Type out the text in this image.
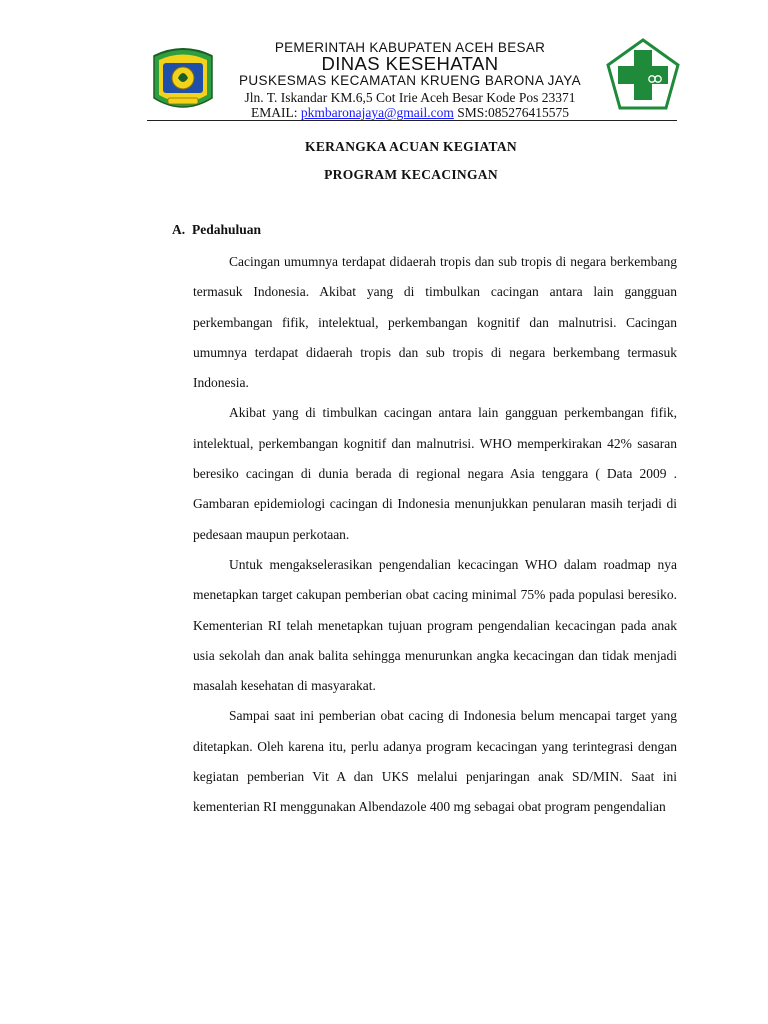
PEMERINTAH KABUPATEN ACEH BESAR
DINAS KESEHATAN
PUSKESMAS KECAMATAN KRUENG BARONA JAYA
Jln. T. Iskandar KM.6,5 Cot Irie Aceh Besar Kode Pos 23371
EMAIL: pkmbaronajaya@gmail.com SMS:085276415575
KERANGKA ACUAN KEGIATAN
PROGRAM KECACINGAN
A. Pedahuluan

Cacingan umumnya terdapat didaerah tropis dan sub tropis di negara berkembang termasuk Indonesia. Akibat yang di timbulkan cacingan antara lain gangguan perkembangan fifik, intelektual, perkembangan kognitif dan malnutrisi. Cacingan umumnya terdapat didaerah tropis dan sub tropis di negara berkembang termasuk Indonesia.

Akibat yang di timbulkan cacingan antara lain gangguan perkembangan fifik, intelektual, perkembangan kognitif dan malnutrisi. WHO memperkirakan 42% sasaran beresiko cacingan di dunia berada di regional negara Asia tenggara ( Data 2009 . Gambaran epidemiologi cacingan di Indonesia menunjukkan penularan masih terjadi di pedesaan maupun perkotaan.

Untuk mengakselerasikan pengendalian kecacingan WHO dalam roadmap nya menetapkan target cakupan pemberian obat cacing minimal 75% pada populasi beresiko. Kementerian RI telah menetapkan tujuan program pengendalian kecacingan pada anak usia sekolah dan anak balita sehingga menurunkan angka kecacingan dan tidak menjadi masalah kesehatan di masyarakat.

Sampai saat ini pemberian obat cacing di Indonesia belum mencapai target yang ditetapkan. Oleh karena itu, perlu adanya program kecacingan yang terintegrasi dengan kegiatan pemberian Vit A dan UKS melalui penjaringan anak SD/MIN. Saat ini kementerian RI menggunakan Albendazole 400 mg sebagai obat program pengendalian
